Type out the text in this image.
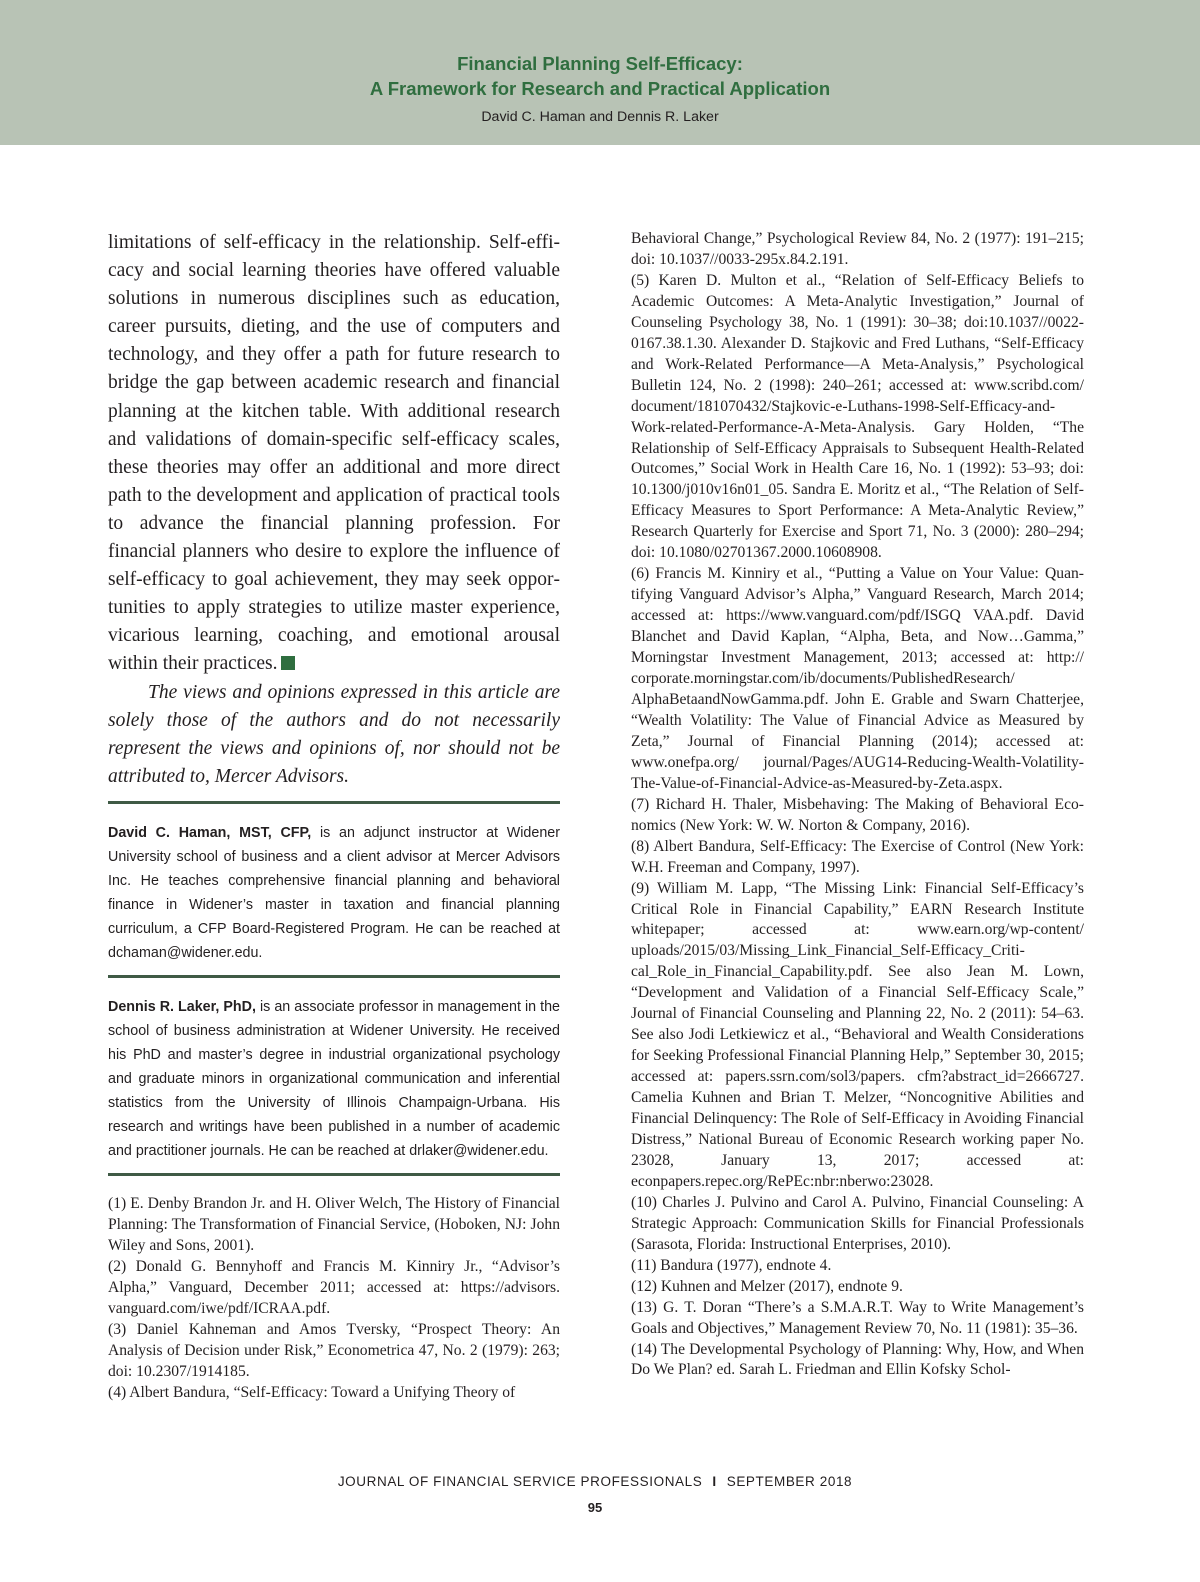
Financial Planning Self-Efficacy:
A Framework for Research and Practical Application
David C. Haman and Dennis R. Laker

limitations of self-efficacy in the relationship. Self-efficacy and social learning theories have offered valuable solutions in numerous disciplines such as education, career pursuits, dieting, and the use of computers and technology, and they offer a path for future research to bridge the gap between academic research and financial planning at the kitchen table. With additional research and validations of domain-specific self-efficacy scales, these theories may offer an additional and more direct path to the development and application of practical tools to advance the financial planning profession. For financial planners who desire to explore the influence of self-efficacy to goal achievement, they may seek opportunities to apply strategies to utilize master experience, vicarious learning, coaching, and emotional arousal within their practices.

The views and opinions expressed in this article are solely those of the authors and do not necessarily represent the views and opinions of, nor should not be attributed to, Mercer Advisors.

David C. Haman, MST, CFP, is an adjunct instructor at Widener University school of business and a client advisor at Mercer Advisors Inc. He teaches comprehensive financial planning and behavioral finance in Widener’s master in taxation and financial planning curriculum, a CFP Board-Registered Program. He can be reached at dchaman@widener.edu.

Dennis R. Laker, PhD, is an associate professor in management in the school of business administration at Widener University. He received his PhD and master’s degree in industrial organizational psychology and graduate minors in organizational communication and inferential statistics from the University of Illinois Champaign-Urbana. His research and writings have been published in a number of academic and practitioner journals. He can be reached at drlaker@widener.edu.

(1) E. Denby Brandon Jr. and H. Oliver Welch, The History of Financial Planning: The Transformation of Financial Service, (Hoboken, NJ: John Wiley and Sons, 2001).

(2) Donald G. Bennyhoff and Francis M. Kinniry Jr., “Advisor’s Alpha,” Vanguard, December 2011; accessed at: https://advisors. vanguard.com/iwe/pdf/ICRAA.pdf.

(3) Daniel Kahneman and Amos Tversky, “Prospect Theory: An Analysis of Decision under Risk,” Econometrica 47, No. 2 (1979): 263; doi: 10.2307/1914185.

(4) Albert Bandura, “Self-Efficacy: Toward a Unifying Theory of

Behavioral Change,” Psychological Review 84, No. 2 (1977): 191–215; doi: 10.1037//0033-295x.84.2.191.

(5) Karen D. Multon et al., “Relation of Self-Efficacy Beliefs to Academic Outcomes: A Meta-Analytic Investigation,” Journal of Counseling Psychology 38, No. 1 (1991): 30–38; doi:10.1037//0022-0167.38.1.30. Alexander D. Stajkovic and Fred Luthans, “Self-Efficacy and Work-Related Performance—A Meta-Analysis,” Psychological Bulletin 124, No. 2 (1998): 240–261; accessed at: www.scribd.com/ document/181070432/Stajkovic-e-Luthans-1998-Self-Efficacy-and-Work-related-Performance-A-Meta-Analysis. Gary Holden, “The Relationship of Self-Efficacy Appraisals to Subsequent Health-Related Outcomes,” Social Work in Health Care 16, No. 1 (1992): 53–93; doi: 10.1300/j010v16n01_05. Sandra E. Moritz et al., “The Relation of Self-Efficacy Measures to Sport Performance: A Meta-Analytic Review,” Research Quarterly for Exercise and Sport 71, No. 3 (2000): 280–294; doi: 10.1080/02701367.2000.10608908.

(6) Francis M. Kinniry et al., “Putting a Value on Your Value: Quantifying Vanguard Advisor’s Alpha,” Vanguard Research, March 2014; accessed at: https://www.vanguard.com/pdf/ISGQ VAA.pdf. David Blanchet and David Kaplan, “Alpha, Beta, and Now…Gamma,” Morningstar Investment Management, 2013; accessed at: http:// corporate.morningstar.com/ib/documents/PublishedResearch/ AlphaBetaandNowGamma.pdf. John E. Grable and Swarn Chatterjee, “Wealth Volatility: The Value of Financial Advice as Measured by Zeta,” Journal of Financial Planning (2014); accessed at: www.onefpa.org/ journal/Pages/AUG14-Reducing-Wealth-Volatility-The-Value-of-Financial-Advice-as-Measured-by-Zeta.aspx.

(7) Richard H. Thaler, Misbehaving: The Making of Behavioral Economics (New York: W. W. Norton & Company, 2016).

(8) Albert Bandura, Self-Efficacy: The Exercise of Control (New York: W.H. Freeman and Company, 1997).

(9) William M. Lapp, “The Missing Link: Financial Self-Efficacy’s Critical Role in Financial Capability,” EARN Research Institute whitepaper; accessed at: www.earn.org/wp-content/ uploads/2015/03/Missing_Link_Financial_Self-Efficacy_Critical_Role_in_Financial_Capability.pdf. See also Jean M. Lown, “Development and Validation of a Financial Self-Efficacy Scale,” Journal of Financial Counseling and Planning 22, No. 2 (2011): 54–63. See also Jodi Letkiewicz et al., “Behavioral and Wealth Considerations for Seeking Professional Financial Planning Help,” September 30, 2015; accessed at: papers.ssrn.com/sol3/papers. cfm?abstract_id=2666727. Camelia Kuhnen and Brian T. Melzer, “Noncognitive Abilities and Financial Delinquency: The Role of Self-Efficacy in Avoiding Financial Distress,” National Bureau of Economic Research working paper No. 23028, January 13, 2017; accessed at: econpapers.repec.org/RePEc:nbr:nberwo:23028.

(10) Charles J. Pulvino and Carol A. Pulvino, Financial Counseling: A Strategic Approach: Communication Skills for Financial Professionals (Sarasota, Florida: Instructional Enterprises, 2010).

(11) Bandura (1977), endnote 4.

(12) Kuhnen and Melzer (2017), endnote 9.

(13) G. T. Doran “There’s a S.M.A.R.T. Way to Write Management’s Goals and Objectives,” Management Review 70, No. 11 (1981): 35–36.

(14) The Developmental Psychology of Planning: Why, How, and When Do We Plan? ed. Sarah L. Friedman and Ellin Kofsky Schol-

JOURNAL OF FINANCIAL SERVICE PROFESSIONALS I SEPTEMBER 2018
95
